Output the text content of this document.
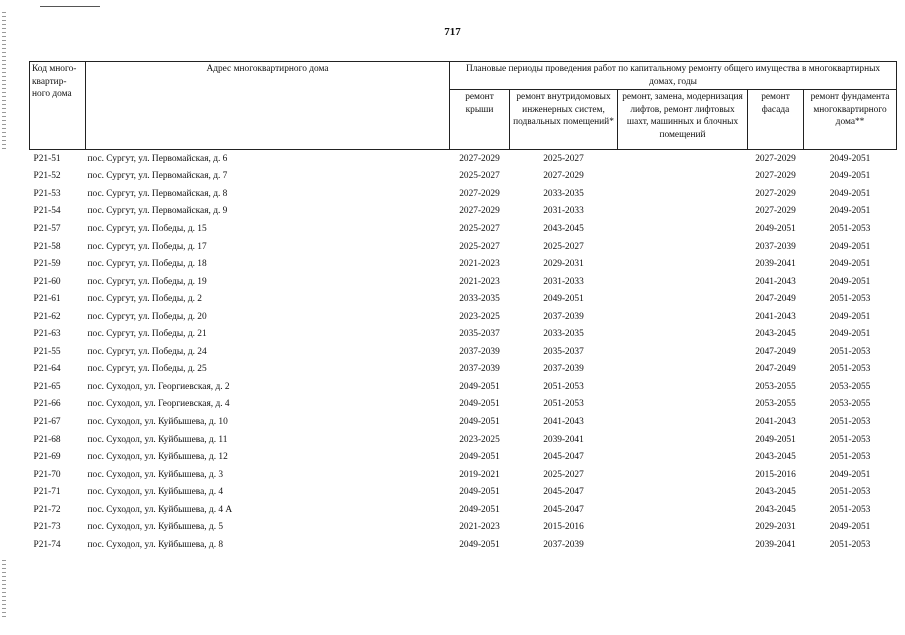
717
Код много-квартир-ного дома	Адрес многоквартирного дома	Плановые периоды проведения работ по капитальному ремонту общего имущества в многоквартирных домах, годы				
		ремонт крыши	ремонт внутридомовых инженерных систем, подвальных помещений*	ремонт, замена, модернизация лифтов, ремонт лифтовых шахт, машинных и блочных помещений	ремонт фасада	ремонт фундамента многоквартирного дома**
P21-51	пос. Сургут, ул. Первомайская, д. 6	2027-2029	2025-2027		2027-2029	2049-2051
P21-52	пос. Сургут, ул. Первомайская, д. 7	2025-2027	2027-2029		2027-2029	2049-2051
P21-53	пос. Сургут, ул. Первомайская, д. 8	2027-2029	2033-2035		2027-2029	2049-2051
P21-54	пос. Сургут, ул. Первомайская, д. 9	2027-2029	2031-2033		2027-2029	2049-2051
P21-57	пос. Сургут, ул. Победы, д. 15	2025-2027	2043-2045		2049-2051	2051-2053
P21-58	пос. Сургут, ул. Победы, д. 17	2025-2027	2025-2027		2037-2039	2049-2051
P21-59	пос. Сургут, ул. Победы, д. 18	2021-2023	2029-2031		2039-2041	2049-2051
P21-60	пос. Сургут, ул. Победы, д. 19	2021-2023	2031-2033		2041-2043	2049-2051
P21-61	пос. Сургут, ул. Победы, д. 2	2033-2035	2049-2051		2047-2049	2051-2053
P21-62	пос. Сургут, ул. Победы, д. 20	2023-2025	2037-2039		2041-2043	2049-2051
P21-63	пос. Сургут, ул. Победы, д. 21	2035-2037	2033-2035		2043-2045	2049-2051
P21-55	пос. Сургут, ул. Победы, д. 24	2037-2039	2035-2037		2047-2049	2051-2053
P21-64	пос. Сургут, ул. Победы, д. 25	2037-2039	2037-2039		2047-2049	2051-2053
P21-65	пос. Суходол, ул. Георгиевская, д. 2	2049-2051	2051-2053		2053-2055	2053-2055
P21-66	пос. Суходол, ул. Георгиевская, д. 4	2049-2051	2051-2053		2053-2055	2053-2055
P21-67	пос. Суходол, ул. Куйбышева, д. 10	2049-2051	2041-2043		2041-2043	2051-2053
P21-68	пос. Суходол, ул. Куйбышева, д. 11	2023-2025	2039-2041		2049-2051	2051-2053
P21-69	пос. Суходол, ул. Куйбышева, д. 12	2049-2051	2045-2047		2043-2045	2051-2053
P21-70	пос. Суходол, ул. Куйбышева, д. 3	2019-2021	2025-2027		2015-2016	2049-2051
P21-71	пос. Суходол, ул. Куйбышева, д. 4	2049-2051	2045-2047		2043-2045	2051-2053
P21-72	пос. Суходол, ул. Куйбышева, д. 4 А	2049-2051	2045-2047		2043-2045	2051-2053
P21-73	пос. Суходол, ул. Куйбышева, д. 5	2021-2023	2015-2016		2029-2031	2049-2051
P21-74	пос. Суходол, ул. Куйбышева, д. 8	2049-2051	2037-2039		2039-2041	2051-2053
